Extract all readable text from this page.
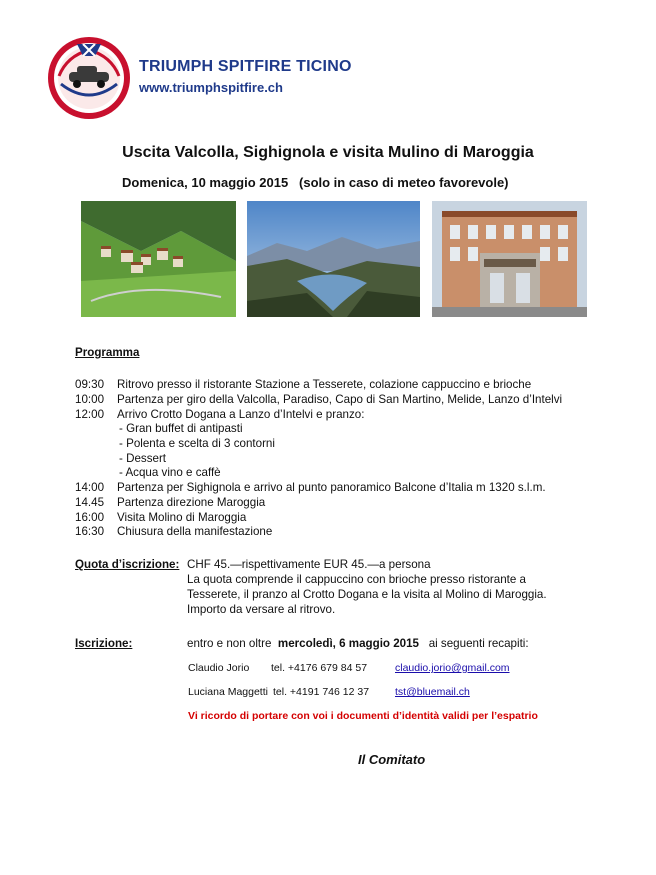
TRIUMPH SPITFIRE TICINO
www.triumphspitfire.ch
Uscita Valcolla, Sighignola e visita Mulino di Maroggia
Domenica, 10 maggio 2015   (solo in caso di meteo favorevole)
Programma
09:30 Ritrovo presso il ristorante Stazione a Tesserete, colazione cappuccino e brioche
10:00 Partenza per giro della Valcolla, Paradiso, Capo di San Martino, Melide, Lanzo d’Intelvi
12:00 Arrivo Crotto Dogana a Lanzo d’Intelvi e pranzo:
- Gran buffet di antipasti
- Polenta e scelta di 3 contorni
- Dessert
- Acqua vino e caffè
14:00 Partenza per Sighignola e arrivo al punto panoramico Balcone d’Italia m 1320 s.l.m.
14.45 Partenza direzione Maroggia
16:00 Visita Molino di Maroggia
16:30 Chiusura della manifestazione
Quota d’iscrizione: CHF 45.—rispettivamente EUR 45.—a persona
La quota comprende il cappuccino con brioche presso ristorante a
Tesserete, il pranzo al Crotto Dogana e la visita al Molino di Maroggia.
Importo da versare al ritrovo.
Iscrizione:	entro e non oltre mercoledì, 6 maggio 2015 ai seguenti recapiti:
Claudio Jorio tel. +4176 679 84 57	claudio.jorio@gmail.com
Luciana Maggetti tel. +4191 746 12 37 tst@bluemail.ch
Vi ricordo di portare con voi i documenti d’identità validi per l’espatrio
Il Comitato
